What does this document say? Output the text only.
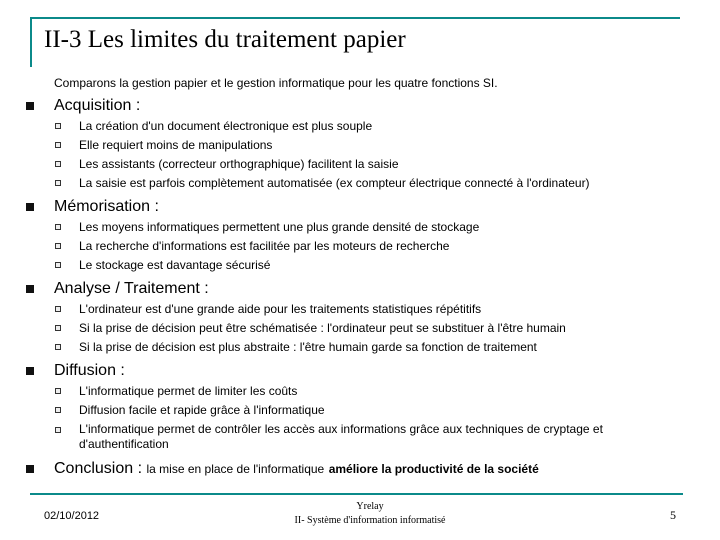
II-3 Les limites du traitement papier
Comparons la gestion papier et le gestion informatique pour les quatre fonctions SI.
Acquisition :
La création d'un document électronique est plus souple
Elle requiert moins de manipulations
Les assistants (correcteur orthographique) facilitent la saisie
La saisie est parfois complètement automatisée (ex compteur électrique connecté à l'ordinateur)
Mémorisation :
Les moyens informatiques permettent une plus grande densité de stockage
La recherche d'informations est facilitée par les moteurs de recherche
Le stockage est davantage sécurisé
Analyse / Traitement :
L'ordinateur est d'une grande aide pour les traitements statistiques répétitifs
Si la prise de décision peut être schématisée : l'ordinateur peut se substituer à l'être humain
Si la prise de décision est plus abstraite : l'être humain garde sa fonction de traitement
Diffusion :
L'informatique permet de limiter les coûts
Diffusion facile et rapide grâce à l'informatique
L'informatique permet de contrôler les accès aux informations grâce aux techniques de cryptage et d'authentification
Conclusion : la mise en place de l'informatique améliore la productivité de la société
02/10/2012
Yrelay
II- Système d'information informatisé	5
